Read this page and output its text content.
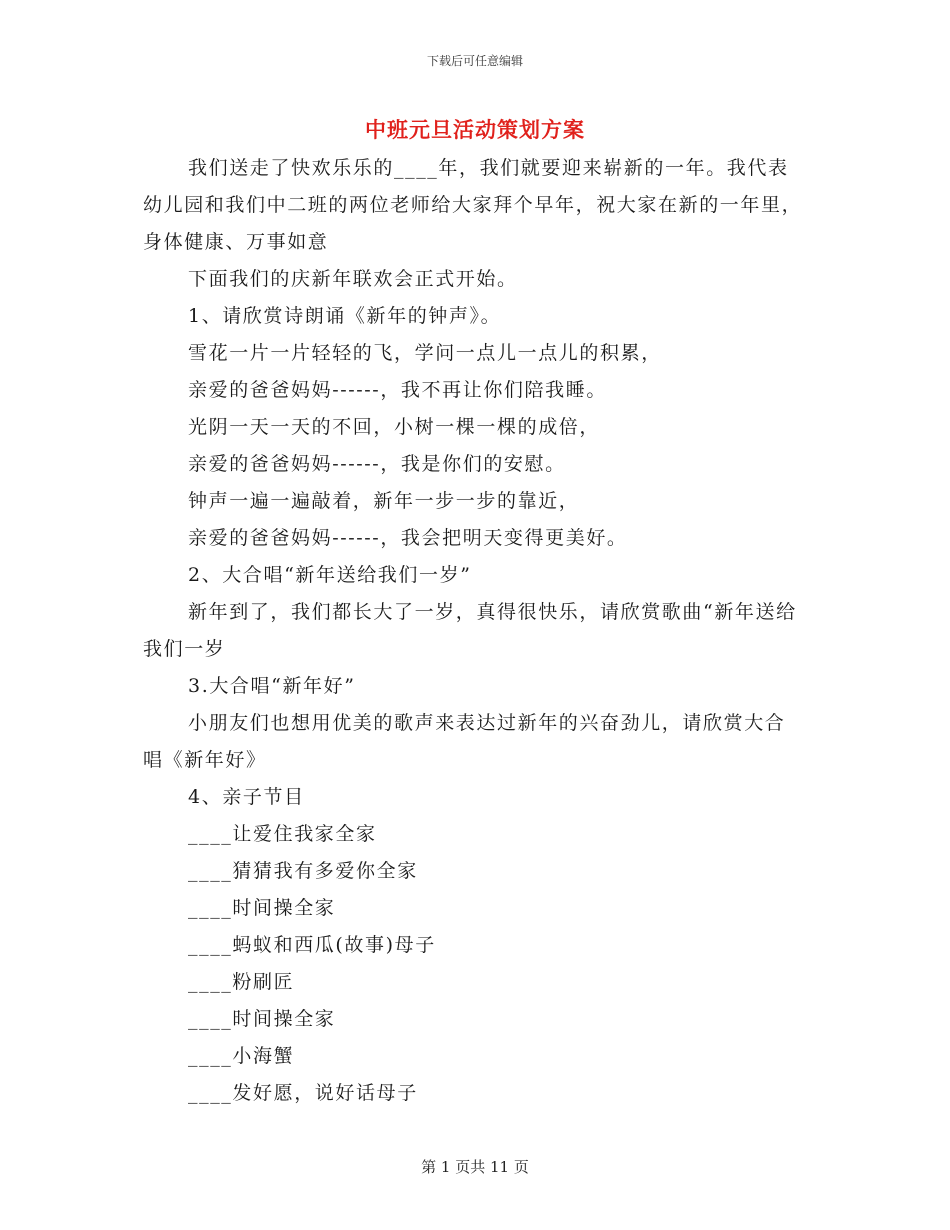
下载后可任意编辑
中班元旦活动策划方案

我们送走了快欢乐乐的____年，我们就要迎来崭新的一年。我代表幼儿园和我们中二班的两位老师给大家拜个早年，祝大家在新的一年里，身体健康、万事如意

下面我们的庆新年联欢会正式开始。

1、请欣赏诗朗诵《新年的钟声》。

雪花一片一片轻轻的飞，学问一点儿一点儿的积累，

亲爱的爸爸妈妈------，我不再让你们陪我睡。

光阴一天一天的不回，小树一棵一棵的成倍，

亲爱的爸爸妈妈------，我是你们的安慰。

钟声一遍一遍敲着，新年一步一步的靠近，

亲爱的爸爸妈妈------，我会把明天变得更美好。

2、大合唱“新年送给我们一岁”

新年到了，我们都长大了一岁，真得很快乐，请欣赏歌曲“新年送给我们一岁

3.大合唱“新年好”

小朋友们也想用优美的歌声来表达过新年的兴奋劲儿，请欣赏大合唱《新年好》

4、亲子节目

____让爱住我家全家

____猜猜我有多爱你全家

____时间操全家

____蚂蚁和西瓜(故事)母子

____粉刷匠

____时间操全家

____小海蟹

____发好愿，说好话母子

第 1 页共 11 页
